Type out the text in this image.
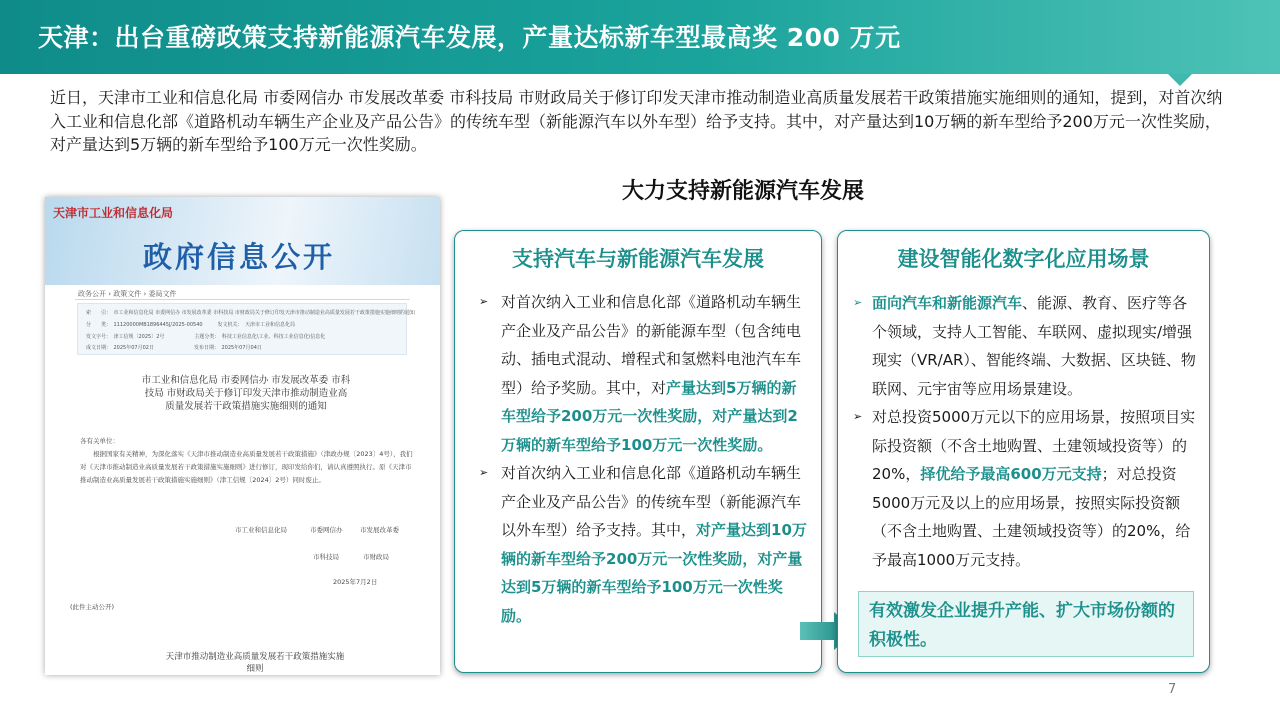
天津：出台重磅政策支持新能源汽车发展，产量达标新车型最高奖 200 万元

近日，天津市工业和信息化局 市委网信办 市发展改革委 市科技局 市财政局关于修订印发天津市推动制造业高质量发展若干政策措施实施细则的通知，提到，对首次纳入工业和信息化部《道路机动车辆生产企业及产品公告》的传统车型（新能源汽车以外车型）给予支持。其中，对产量达到10万辆的新车型给予200万元一次性奖励，对产量达到5万辆的新车型给予100万元一次性奖励。

天津市工业和信息化局
政府信息公开
政务公开 › 政策文件 › 委局文件
索　　引：　市工业和信息化局 市委网信办 市发展改革委 市科技局 市财政局关于修订印发天津市推动制造业高质量发展若干政策措施实施细则的通知
分　　类：　11120000MB1896445J/2025-00540　　　发文机关：　天津市工业和信息化局
发文字号：　津工信规〔2025〕2号　　　　　　主题分类：　科技工业信息化\工业、科技工业信息化\信息化
成文日期：　2025年07月02日　　　　　　　　发布日期：　2025年07月04日
市工业和信息化局 市委网信办 市发展改革委 市科技局 市财政局关于修订印发天津市推动制造业高质量发展若干政策措施实施细则的通知
各有关单位：
根据国家有关精神，为深化落实《天津市推动制造业高质量发展若干政策措施》（津政办规〔2023〕4号），我们对《天津市推动制造业高质量发展若干政策措施实施细则》进行修订，现印发给你们，请认真遵照执行。原《天津市推动制造业高质量发展若干政策措施实施细则》（津工信规〔2024〕2号）同时废止。
市工业和信息化局	市委网信办	市发展改革委
市科技局	市财政局
2025年7月2日
(此件主动公开)
天津市推动制造业高质量发展若干政策措施实施细则
大力支持新能源汽车发展
支持汽车与新能源汽车发展
➢ 对首次纳入工业和信息化部《道路机动车辆生产企业及产品公告》的新能源车型（包含纯电动、插电式混动、增程式和氢燃料电池汽车车型）给予奖励。其中，对产量达到5万辆的新车型给予200万元一次性奖励，对产量达到2万辆的新车型给予100万元一次性奖励。
➢ 对首次纳入工业和信息化部《道路机动车辆生产企业及产品公告》的传统车型（新能源汽车以外车型）给予支持。其中，对产量达到10万辆的新车型给予200万元一次性奖励，对产量达到5万辆的新车型给予100万元一次性奖励。
建设智能化数字化应用场景
➢ 面向汽车和新能源汽车、能源、教育、医疗等各个领域，支持人工智能、车联网、虚拟现实/增强现实（VR/AR）、智能终端、大数据、区块链、物联网、元宇宙等应用场景建设。
➢ 对总投资5000万元以下的应用场景，按照项目实际投资额（不含土地购置、土建领域投资等）的20%，择优给予最高600万元支持；对总投资5000万元及以上的应用场景，按照实际投资额（不含土地购置、土建领域投资等）的20%，给予最高1000万元支持。
有效激发企业提升产能、扩大市场份额的积极性。
7
